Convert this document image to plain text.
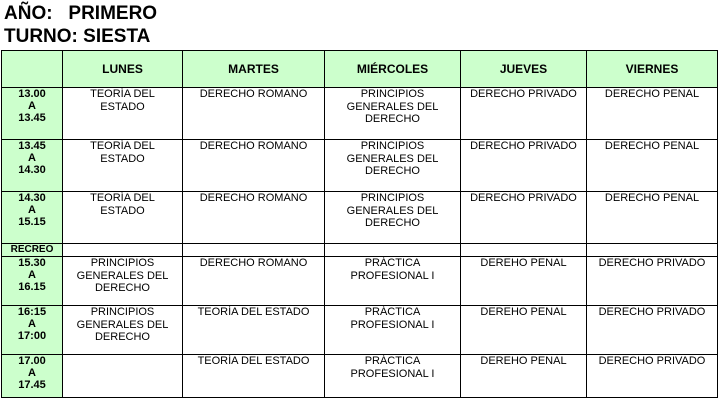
AÑO: PRIMERO
TURNO: SIESTA
	LUNES	MARTES	MIÉRCOLES	JUEVES	VIERNES

13.00
A
13.45	TEORÍA DEL ESTADO	DERECHO ROMANO	PRINCIPIOS GENERALES DEL DERECHO	DERECHO PRIVADO	DERECHO PENAL

13.45
A
14.30	TEORÍA DEL ESTADO	DERECHO ROMANO	PRINCIPIOS GENERALES DEL DERECHO	DERECHO PRIVADO	DERECHO PENAL

14.30
A
15.15	TEORÍA DEL ESTADO	DERECHO ROMANO	PRINCIPIOS GENERALES DEL DERECHO	DERECHO PRIVADO	DERECHO PENAL

RECREO					

15.30
A
16.15	PRINCIPIOS GENERALES DEL DERECHO	DERECHO ROMANO	PRÁCTICA PROFESIONAL I	DEREHO PENAL	DERECHO PRIVADO

16:15
A
17:00	PRINCIPIOS GENERALES DEL DERECHO	TEORÍA DEL ESTADO	PRÁCTICA PROFESIONAL I	DEREHO PENAL	DERECHO PRIVADO

17.00
A
17.45		TEORÍA DEL ESTADO	PRÁCTICA PROFESIONAL I	DEREHO PENAL	DERECHO PRIVADO
